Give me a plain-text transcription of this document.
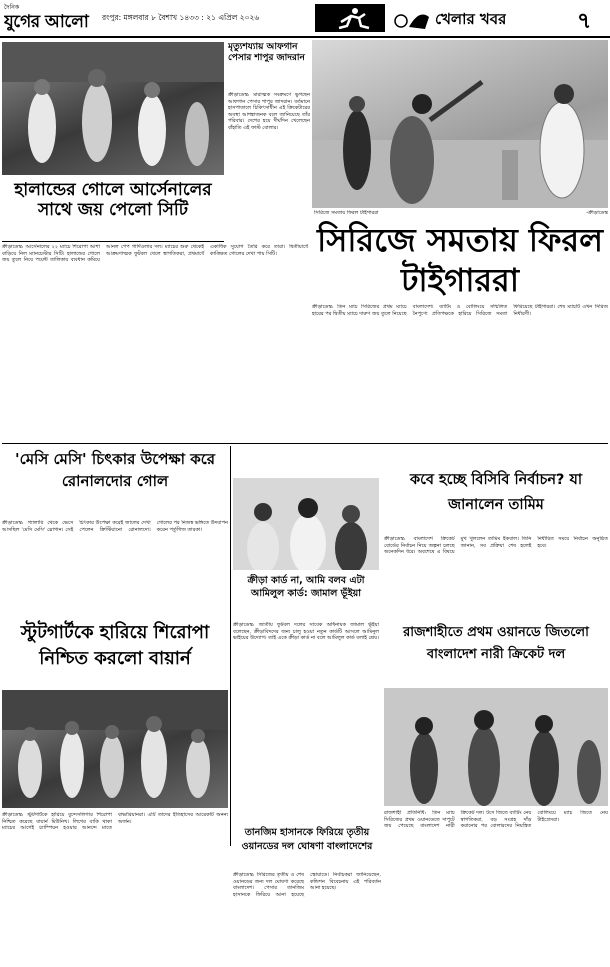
দৈনিক
যুগের আলো	রংপুর: মঙ্গলবার ৮ বৈশাখ ১৪৩৩ : ২১ এপ্রিল ২০২৬	খেলার খবর	৭
হালান্ডের গোলে আর্সেনালের সাথে জয় পেলো সিটি
ক্রীড়াডেস্ক: আর্সেনালের ২২ ম্যাচে শিরোপা আশা বাড়িয়ে নিল ম্যানচেস্টার সিটি। হালান্ডের গোলে জয় তুলে নিয়ে পয়েন্ট তালিকায় ব্যবধান কমিয়ে আনল পেপ গার্দিওলার দল। ম্যাচের শুরু থেকেই আক্রমণাত্মক ফুটবল খেলে স্বাগতিকরা, প্রথমার্ধে একাধিক সুযোগ তৈরি করে তারা। দ্বিতীয়ার্ধে কাঙ্ক্ষিত গোলের দেখা পায় সিটি।
মৃত্যুশয্যায় আফগান পেসার শাপুর জাদরান
ক্রীড়াডেস্ক: মারাত্মক সংক্রমণে ভুগছেন আফগান পেসার শাপুর জাদরান। বর্তমানে হাসপাতালে চিকিৎসাধীন এই ক্রিকেটারের অবস্থা আশঙ্কাজনক বলে জানিয়েছে তাঁর পরিবার। দেশের হয়ে দীর্ঘদিন খেলেছেন বাঁহাতি এই ফাস্ট বোলার।
সিরিজে সমতায় ফিরল টাইগাররা	-ক্রীড়াডেস্ক
সিরিজে সমতায় ফিরল টাইগাররা
ক্রীড়াডেস্ক: তিন ম্যাচ সিরিজের প্রথম ম্যাচে হারের পর দ্বিতীয় ম্যাচে দারুণ জয় তুলে নিয়েছে বাংলাদেশ। ব্যাটিং ও বোলিংয়ে সম্মিলিত নৈপুণ্যে প্রতিপক্ষকে হারিয়ে সিরিজে সমতা ফিরিয়েছে টাইগাররা। শেষ ম্যাচটি এখন সিরিজ নির্ধারণী।
'মেসি মেসি' চিৎকার উপেক্ষা করে রোনালদোর গোল
ক্রীড়াডেস্ক: গ্যালারি থেকে ভেসে আসছিল 'মেসি মেসি' স্লোগান। সেই চিৎকার উপেক্ষা করেই জালের দেখা পেলেন ক্রিস্টিয়ানো রোনালদো। গোলের পর নিজস্ব ভঙ্গিতে উদযাপন করেন পর্তুগিজ তারকা।
স্টুটগার্টকে হারিয়ে শিরোপা নিশ্চিত করলো বায়ার্ন
ক্রীড়াডেস্ক: স্টুটগার্টকে হারিয়ে বুন্দেসলিগার শিরোপা নিশ্চিত করেছে বায়ার্ন মিউনিখ। লিগের বাকি থাকা ম্যাচের আগেই চ্যাম্পিয়ন হওয়ার আনন্দে মাতে বাভারিয়ানরা। এটি তাদের ইতিহাসের আরেকটি অনন্য অর্জন।
ক্রীড়া কার্ড না, আমি বলব এটা আমিলুল কার্ড: জামাল ভূঁইয়া
ক্রীড়াডেস্ক: জাতীয় ফুটবল দলের সাবেক অধিনায়ক জামাল ভূঁইয়া বলেছেন, ক্রীড়াবিদদের জন্য চালু হওয়া নতুন কার্ডটি আসলে আমিনুল ভাইয়ের উদ্যোগ। তাই একে ক্রীড়া কার্ড না বলে আমিলুল কার্ড বলাই শ্রেয়।
কবে হচ্ছে বিসিবি নির্বাচন? যা জানালেন তামিম
ক্রীড়াডেস্ক: বাংলাদেশ ক্রিকেট বোর্ডের নির্বাচন নিয়ে জল্পনা চলছে অনেকদিন ধরে। অবশেষে এ বিষয়ে মুখ খুললেন তামিম ইকবাল। তিনি জানান, সব প্রক্রিয়া শেষ হলেই নির্ধারিত সময়ে নির্বাচন অনুষ্ঠিত হবে।
রাজশাহীতে প্রথম ওয়ানডে জিতলো বাংলাদেশ নারী ক্রিকেট দল
রাজশাহী প্রতিনিধি: তিন ম্যাচ সিরিজের প্রথম ওয়ানডেতে দাপুটে জয় পেয়েছে বাংলাদেশ নারী ক্রিকেট দল। টসে জিতে ব্যাটিং নেয় স্বাগতিকরা, বড় সংগ্রহ দাঁড় করানোর পর বোলারদের নিয়ন্ত্রিত বোলিংয়ে ম্যাচ জিতে নেয় টাইগ্রেসরা।
তানজিম হাসানকে ফিরিয়ে তৃতীয় ওয়ানডের দল ঘোষণা বাংলাদেশের
ক্রীড়াডেস্ক: সিরিজের তৃতীয় ও শেষ ওয়ানডের জন্য দল ঘোষণা করেছে বাংলাদেশ। পেসার তানজিম হাসানকে ফিরিয়ে আনা হয়েছে স্কোয়াডে। নির্বাচকরা জানিয়েছেন, কন্ডিশন বিবেচনায় এই পরিবর্তন আনা হয়েছে।
